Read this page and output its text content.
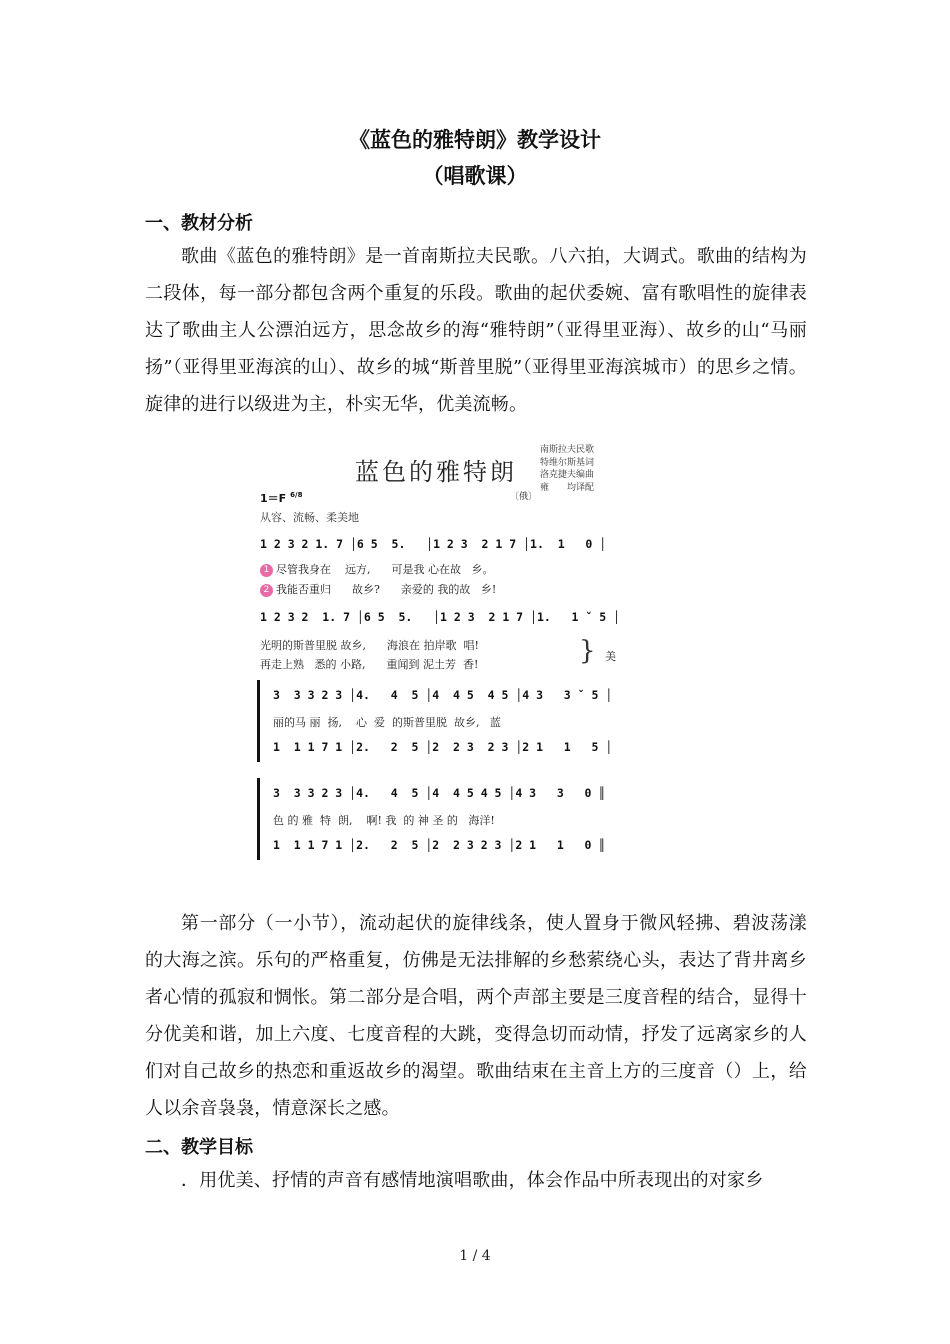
《蓝色的雅特朗》教学设计
（唱歌课）
一、教材分析
歌曲《蓝色的雅特朗》是一首南斯拉夫民歌。八六拍，大调式。歌曲的结构为二段体，每一部分都包含两个重复的乐段。歌曲的起伏委婉、富有歌唱性的旋律表达了歌曲主人公漂泊远方，思念故乡的海“雅特朗”（亚得里亚海）、故乡的山“马丽扬”（亚得里亚海滨的山）、故乡的城“斯普里脱”（亚得里亚海滨城市）的思乡之情。旋律的进行以级进为主，朴实无华，优美流畅。
蓝色的雅特朗
〔俄〕
南斯拉夫民歌
特维尔斯基词
洛克捷夫编曲
雍　　均译配
1＝F $^{6/8}$
从容、流畅、柔美地
1 2 3 2 1. 7 │6 5  5.   │1 2 3  2 1 7 │1.  1   0 │
1 尽管我身在    远方,      可是我 心在故   乡。
2 我能否重归      故乡?      亲爱的 我的故   乡!
1 2 3 2  1. 7 │6 5  5.   │1 2 3  2 1 7 │1.   1 ˇ 5 │
光明的斯普里脱 故乡,      海浪在 拍岸歌  唱!
再走上熟   悉的 小路,      重闻到 泥土芳  香!	} 美
3  3 3 2 3 │4.   4  5 │4  4 5  4 5 │4 3   3 ˇ 5 │
丽的马 丽  扬,    心  爱  的斯普里脱  故乡,   蓝
1  1 1 7 1 │2.   2  5 │2  2 3  2 3 │2 1   1   5 │
3  3 3 2 3 │4.   4  5 │4  4 5 4 5 │4 3   3   0 ║
色 的 雅  特  朗,    啊! 我  的 神 圣 的   海洋!
1  1 1 7 1 │2.   2  5 │2  2 3 2 3 │2 1   1   0 ║
第一部分（一小节），流动起伏的旋律线条，使人置身于微风轻拂、碧波荡漾的大海之滨。乐句的严格重复，仿佛是无法排解的乡愁萦绕心头，表达了背井离乡者心情的孤寂和惆怅。第二部分是合唱，两个声部主要是三度音程的结合，显得十分优美和谐，加上六度、七度音程的大跳，变得急切而动情，抒发了远离家乡的人们对自己故乡的热恋和重返故乡的渴望。歌曲结束在主音上方的三度音（）上，给人以余音袅袅，情意深长之感。
二、教学目标
．用优美、抒情的声音有感情地演唱歌曲，体会作品中所表现出的对家乡
1 / 4
